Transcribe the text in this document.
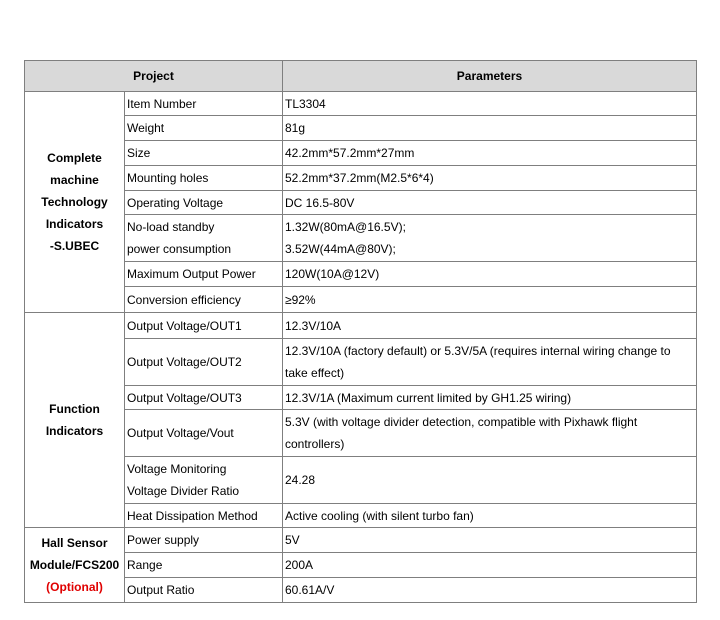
Project		Parameters

Complete
machine
Technology
Indicators
-S.UBEC	Item Number	TL3304
	Weight	81g
	Size	42.2mm*57.2mm*27mm
	Mounting holes	52.2mm*37.2mm(M2.5*6*4)
	Operating Voltage	DC 16.5-80V

	No-load standby
power consumption	1.32W(80mA@16.5V);
3.52W(44mA@80V);

	Maximum Output Power	120W(10A@12V)
	Conversion efficiency	≥92%

Function
Indicators	Output Voltage/OUT1	12.3V/10A
	Output Voltage/OUT2	12.3V/10A (factory default) or 5.3V/5A (requires internal wiring change to
take effect)

	Output Voltage/OUT3	12.3V/1A (Maximum current limited by GH1.25 wiring)
	Output Voltage/Vout	5.3V (with voltage divider detection, compatible with Pixhawk flight
controllers)

	Voltage Monitoring
Voltage Divider Ratio	24.28
	Heat Dissipation Method	Active cooling (with silent turbo fan)

Hall Sensor
Module/FCS200
(Optional)	Power supply	5V
	Range	200A
	Output Ratio	60.61A/V
